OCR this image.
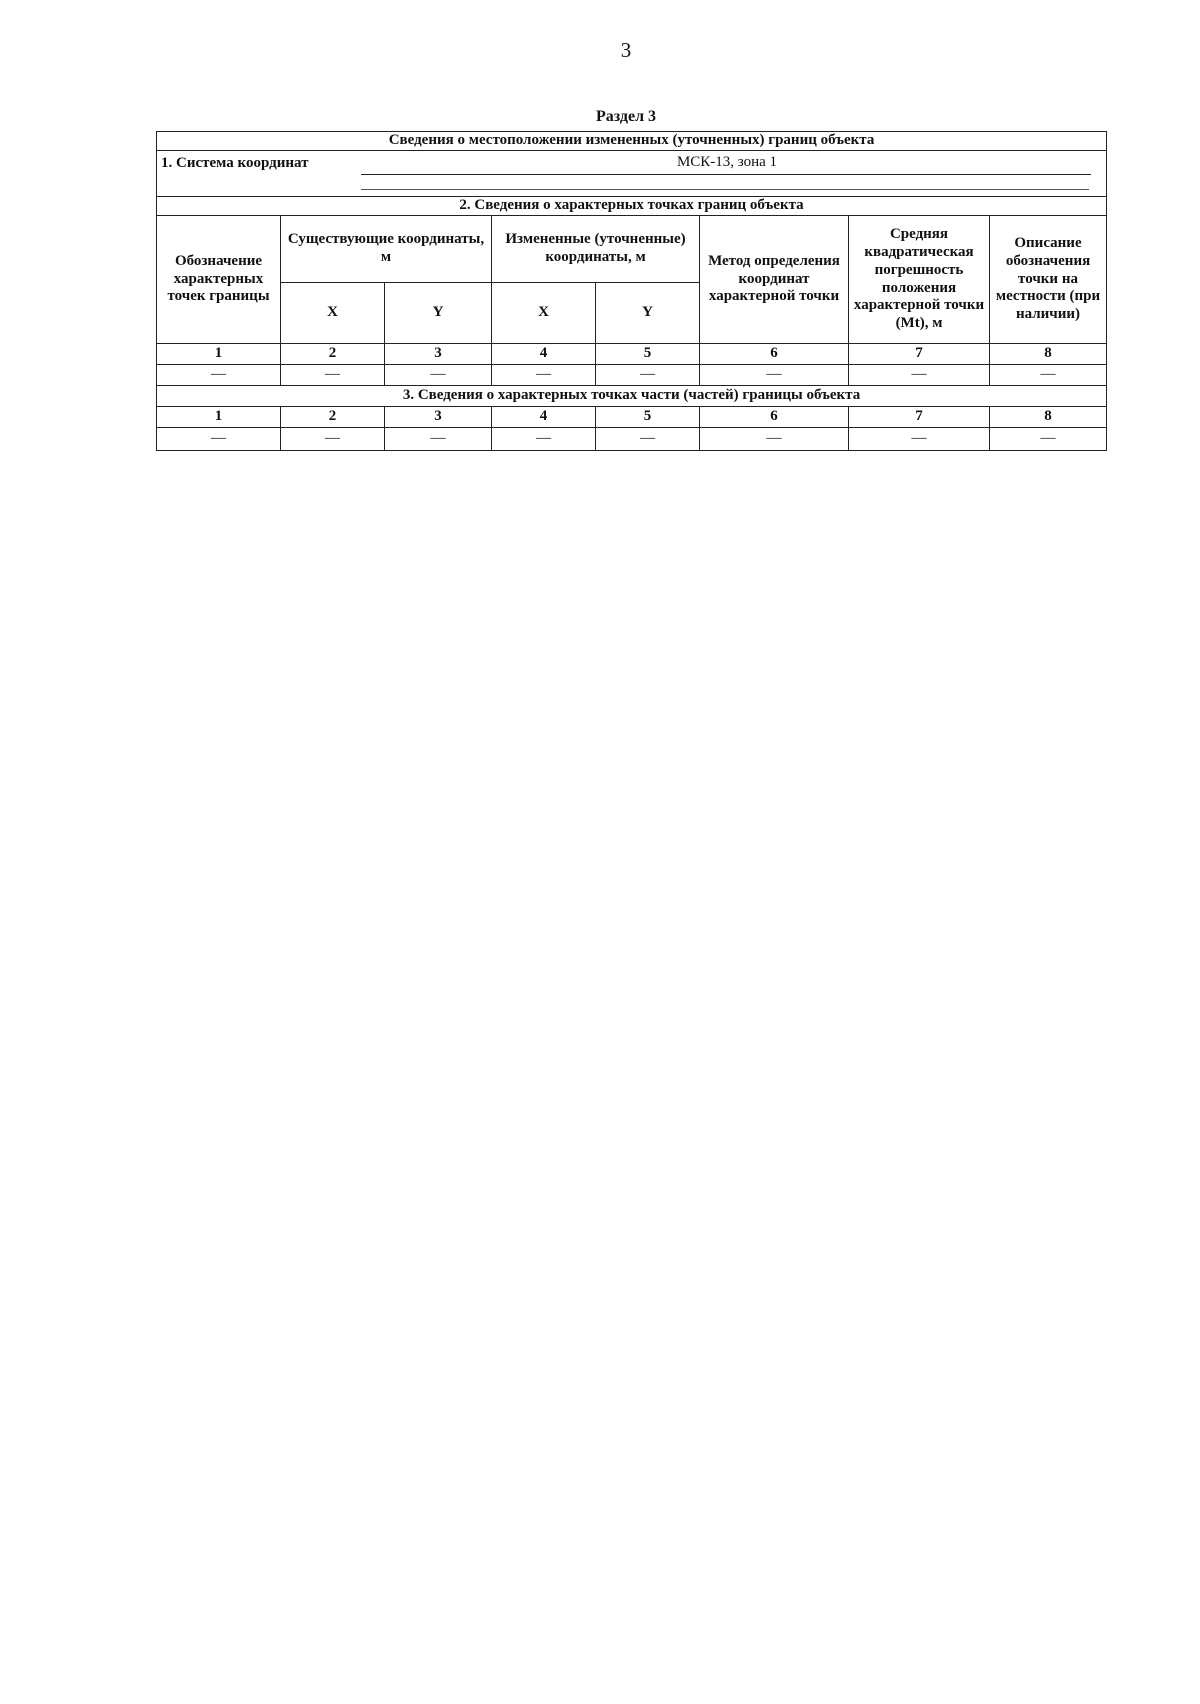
3
Раздел 3
Сведения о местоположении измененных (уточненных) границ объекта							

1. Система координат МСК-13, зона 1							

2. Сведения о характерных точках границ объекта							
Обозначение характерных точек границы	Существующие координаты, м		Измененные (уточненные) координаты, м		Метод определения координат характерной точки	Средняя квадратическая погрешность положения характерной точки (Mt), м	Описание обозначения точки на местности (при наличии)
	X	Y	X	Y			
1	2	3	4	5	6	7	8
—	—	—	—	—	—	—	—
3. Сведения о характерных точках части (частей) границы объекта							
1	2	3	4	5	6	7	8
—	—	—	—	—	—	—	—
